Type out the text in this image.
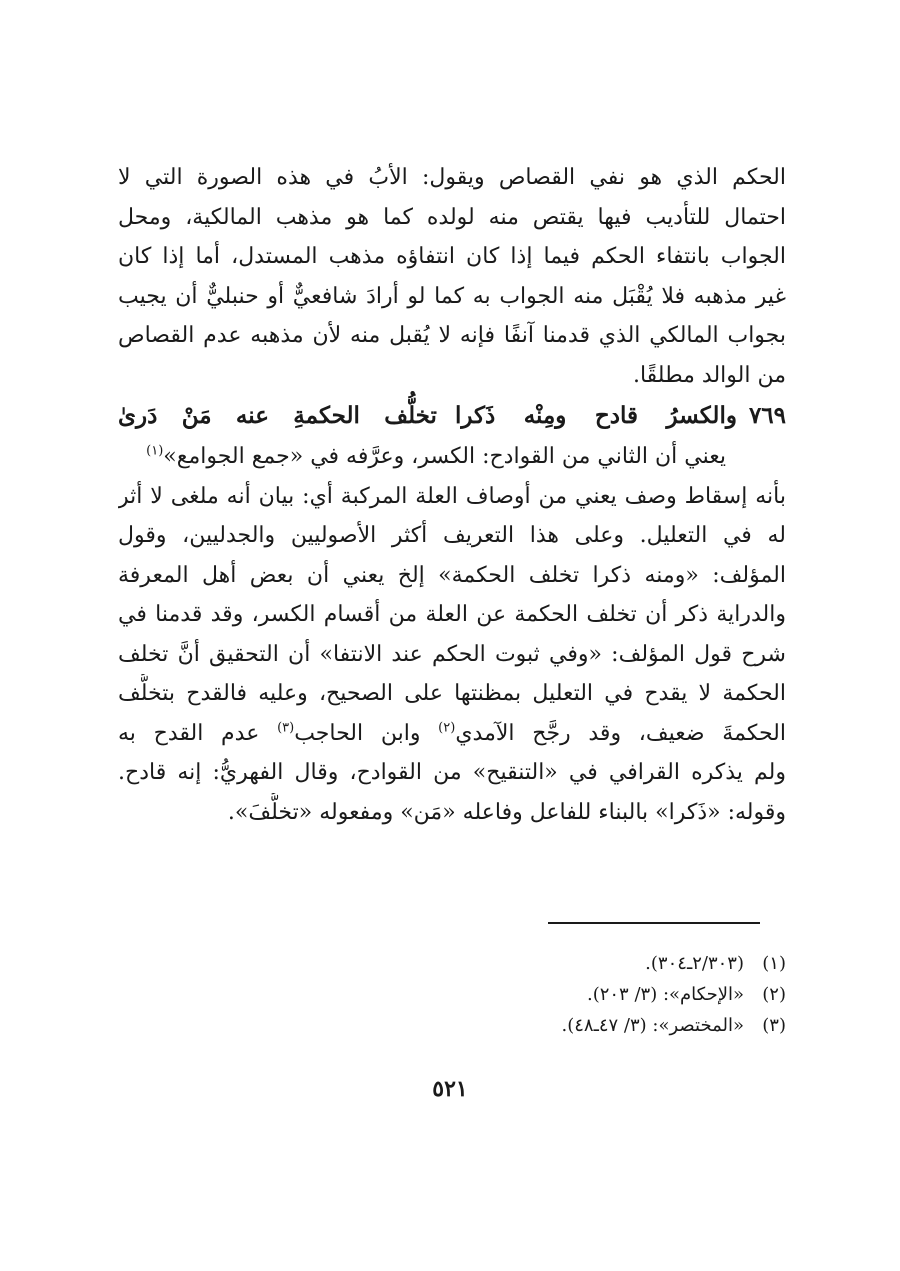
الحكم الذي هو نفي القصاص ويقول: الأبُ في هذه الصورة التي لا
احتمال للتأديب فيها يقتص منه لولده كما هو مذهب المالكية، ومحل
الجواب بانتفاء الحكم فيما إذا كان انتفاؤه مذهب المستدل، أما إذا كان
غير مذهبه فلا يُقْبَل منه الجواب به كما لو أرادَ شافعيٌّ أو حنبليٌّ أن يجيب
بجواب المالكي الذي قدمنا آنفًا فإنه لا يُقبل منه لأن مذهبه عدم القصاص
من الوالد مطلقًا.
٧٦٩
والكسرُ قادح ومِنْه ذَكرا
تخلُّف الحكمةِ عنه مَنْ دَرىٰ
يعني أن الثاني من القوادح: الكسر، وعرَّفه في «جمع الجوامع»$^{(١)}$
بأنه إسقاط وصف يعني من أوصاف العلة المركبة أي: بيان أنه ملغى لا أثر
له في التعليل. وعلى هذا التعريف أكثر الأصوليين والجدليين، وقول
المؤلف: «ومنه ذكرا تخلف الحكمة» إلخ يعني أن بعض أهل المعرفة
والدراية ذكر أن تخلف الحكمة عن العلة من أقسام الكسر، وقد قدمنا في
شرح قول المؤلف: «وفي ثبوت الحكم عند الانتفا» أن التحقيق أنَّ تخلف
الحكمة لا يقدح في التعليل بمظنتها على الصحيح، وعليه فالقدح بتخلُّف
الحكمةَ ضعيف، وقد رجَّح الآمدي$^{(٢)}$ وابن الحاجب$^{(٣)}$ عدم القدح به
ولم يذكره القرافي في «التنقيح» من القوادح، وقال الفهريُّ: إنه قادح.
وقوله: «ذَكرا» بالبناء للفاعل وفاعله «مَن» ومفعوله «تخلُّفَ».
(١)
(٢/٣٠٣ـ٣٠٤).
(٢)
«الإحكام»: (٣/ ٢٠٣).
(٣)
«المختصر»: (٣/ ٤٧ـ٤٨).
٥٢١
